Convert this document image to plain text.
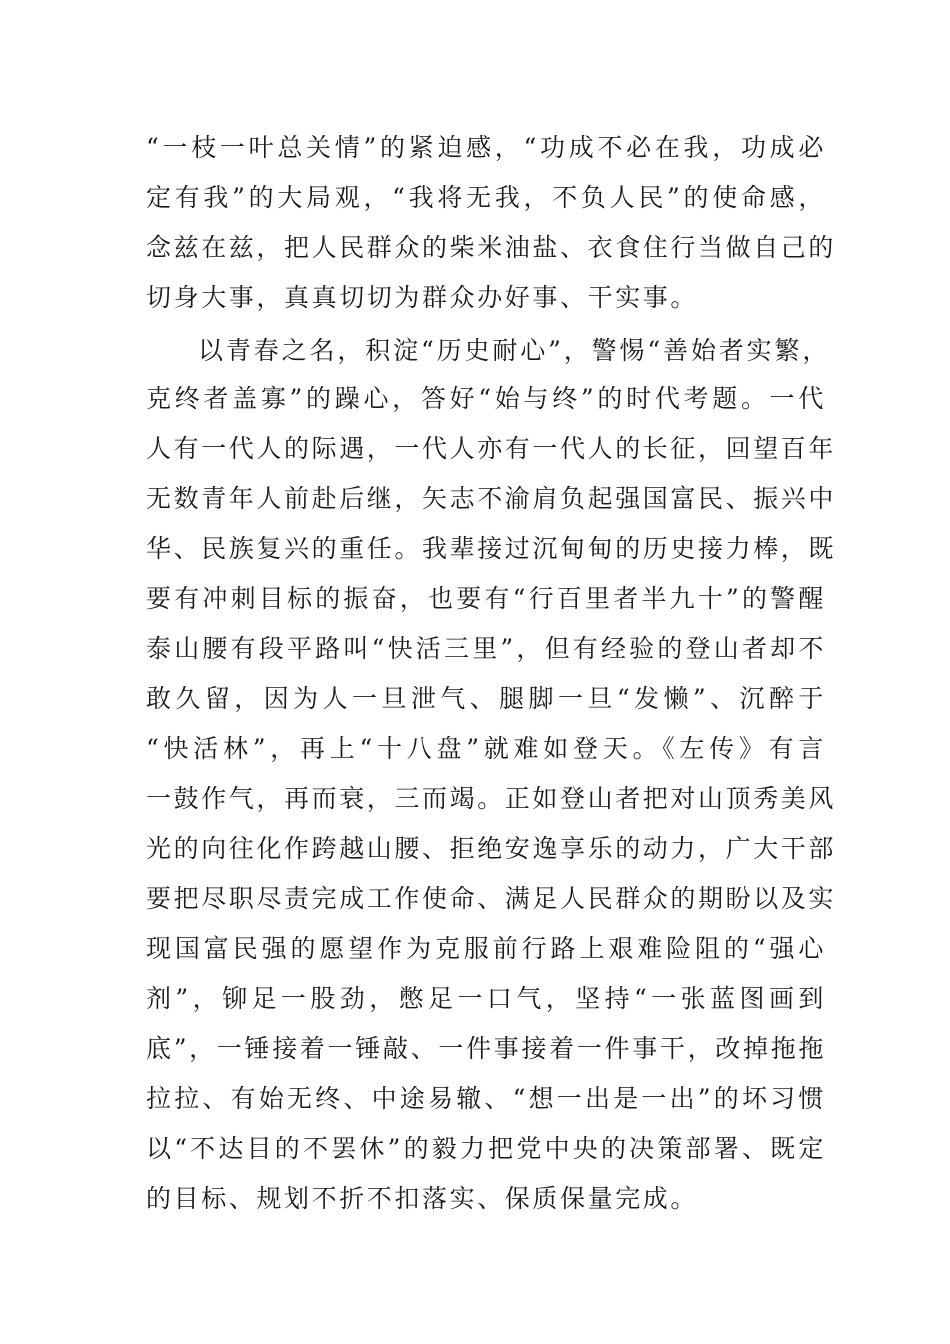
“一枝一叶总关情”的紧迫感，“功成不必在我，功成必
定有我”的大局观，“我将无我，不负人民”的使命感，
念兹在兹，把人民群众的柴米油盐、衣食住行当做自己的
切身大事，真真切切为群众办好事、干实事。
以青春之名，积淀“历史耐心”，警惕“善始者实繁，
克终者盖寡”的躁心，答好“始与终”的时代考题。一代
人有一代人的际遇，一代人亦有一代人的长征，回望百年
无数青年人前赴后继，矢志不渝肩负起强国富民、振兴中
华、民族复兴的重任。我辈接过沉甸甸的历史接力棒，既
要有冲刺目标的振奋，也要有“行百里者半九十”的警醒
泰山腰有段平路叫“快活三里”，但有经验的登山者却不
敢久留，因为人一旦泄气、腿脚一旦“发懒”、沉醉于
“快活林”，再上“十八盘”就难如登天。《左传》有言
一鼓作气，再而衰，三而竭。正如登山者把对山顶秀美风
光的向往化作跨越山腰、拒绝安逸享乐的动力，广大干部
要把尽职尽责完成工作使命、满足人民群众的期盼以及实
现国富民强的愿望作为克服前行路上艰难险阻的“强心
剂”，铆足一股劲，憋足一口气，坚持“一张蓝图画到
底”，一锤接着一锤敲、一件事接着一件事干，改掉拖拖
拉拉、有始无终、中途易辙、“想一出是一出”的坏习惯
以“不达目的不罢休”的毅力把党中央的决策部署、既定
的目标、规划不折不扣落实、保质保量完成。
